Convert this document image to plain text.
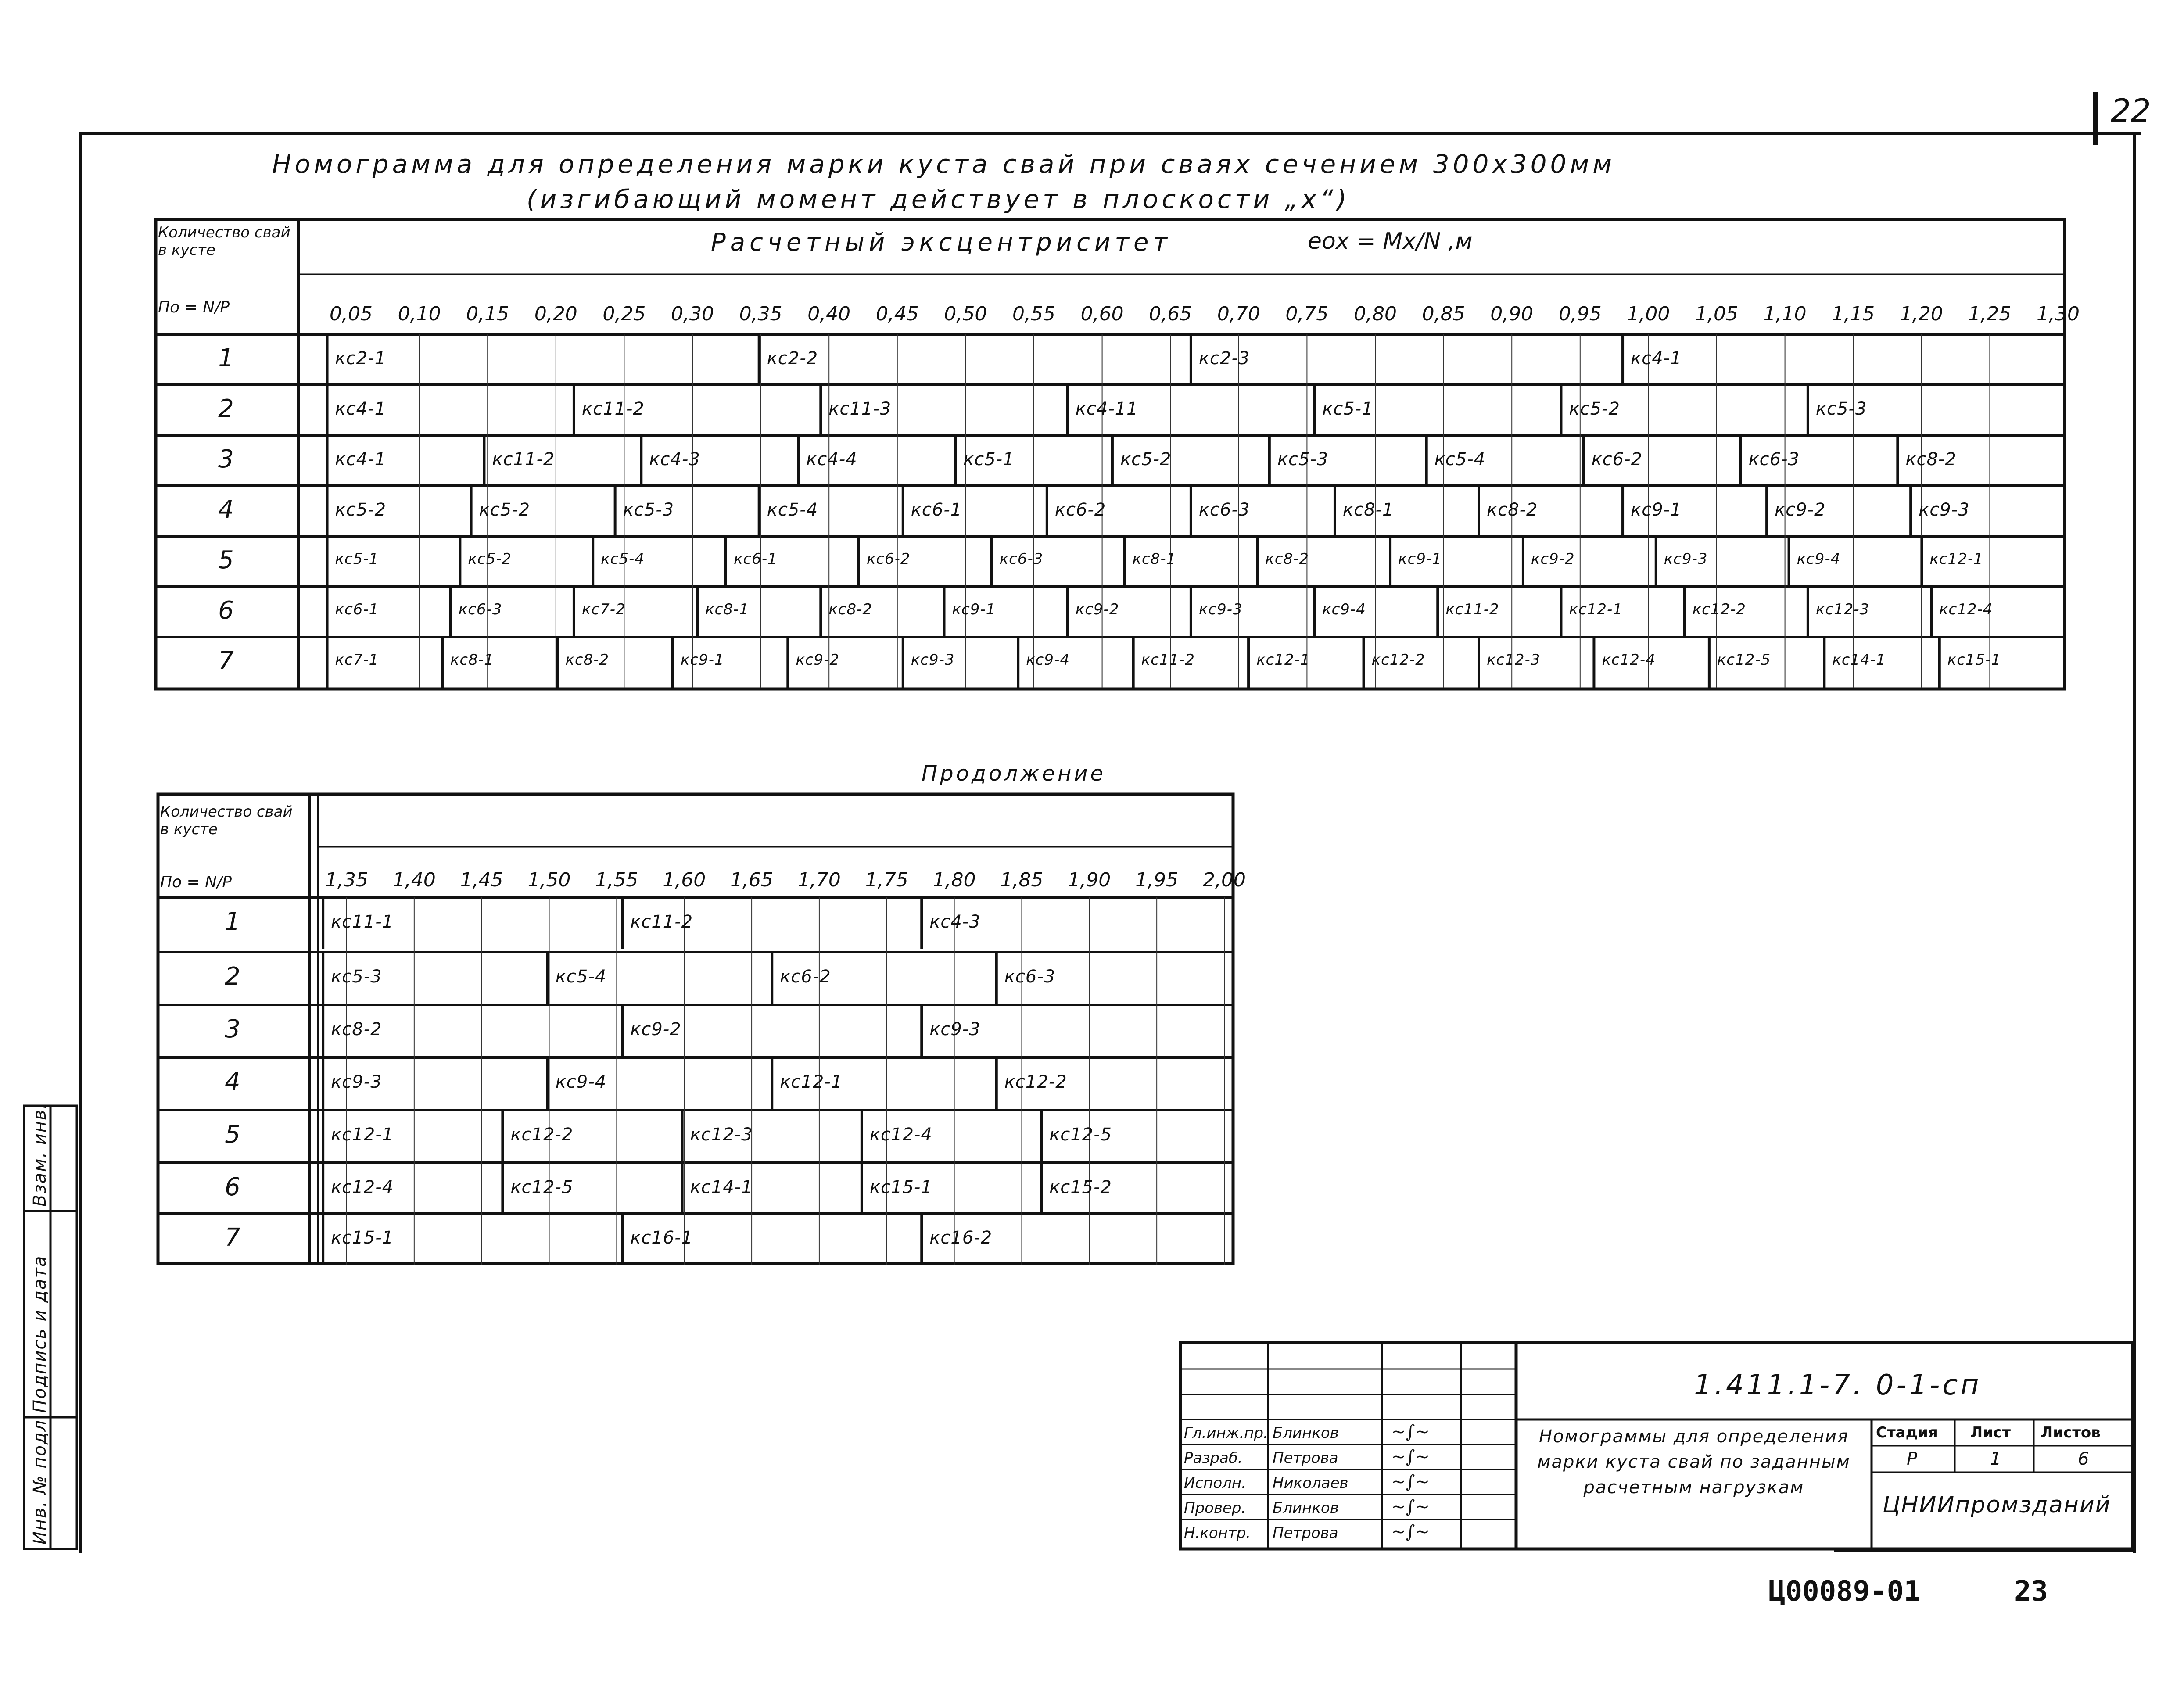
22
Номограмма для определения марки куста свай при сваях сечением 300х300мм
(изгибающий момент действует в плоскости „х“)
Количество свай в кусте
По = N/P
Расчетный эксцентриситет	еох = Мх/N ,м
0,05 0,10 0,15 0,20 0,25 0,30 0,35 0,40 0,45 0,50 0,55 0,60 0,65 0,70 0,75 0,80 0,85 0,90 0,95 1,00 1,05 1,10 1,15 1,20 1,25 1,30
1	кс2-1	кс2-2	кс2-3	кс4-1
2	кс4-1	кс11-2	кс11-3	кс4-11	кс5-1	кс5-2	кс5-3
3	кс4-1	кс11-2	кс4-3	кс4-4	кс5-1	кс5-2	кс5-3	кс5-4	кс6-2	кс6-3	кс8-2
4	кс5-2	кс5-2	кс5-3	кс5-4	кс6-1	кс6-2	кс6-3	кс8-1	кс8-2	кс9-1	кс9-2	кс9-3
5	кс5-1	кс5-2	кс5-4	кс6-1	кс6-2	кс6-3	кс8-1	кс8-2	кс9-1	кс9-2	кс9-3	кс9-4	кс12-1
6	кс6-1	кс6-3	кс7-2	кс8-1	кс8-2	кс9-1	кс9-2	кс9-3	кс9-4	кс11-2	кс12-1	кс12-2	кс12-3	кс12-4
7	кс7-1	кс8-1	кс8-2	кс9-1	кс9-2	кс9-3	кс9-4	кс11-2	кс12-1	кс12-2	кс12-3	кс12-4	кс12-5	кс14-1	кс15-1
Продолжение
Количество свай в кусте
По = N/P	1,35 1,40 1,45 1,50 1,55 1,60 1,65 1,70 1,75 1,80 1,85 1,90 1,95 2,00
1	кс11-1	кс11-2	кс4-3
2	кс5-3	кс5-4	кс6-2	кс6-3
3	кс8-2	кс9-2	кс9-3
4	кс9-3	кс9-4	кс12-1	кс12-2
5	кс12-1	кс12-2	кс12-3	кс12-4	кс12-5
6	кс12-4	кс12-5	кс14-1	кс15-1	кс15-2
7	кс15-1	кс16-1	кс16-2
Инв. № подл.
Подпись и дата
Взам. инв.
1.411.1-7. 0-1-сп
Гл.инж.пр. Блинков	~∫~
Разраб. Петрова	~∫~
Исполн. Николаев ~∫~
Провер. Блинков	~∫~
Н.контр. Петрова	~∫~
Номограммы для определения марки куста свай по заданным расчетным нагрузкам
Стадия Лист Листов
Р	1	6
ЦНИИпромзданий
Ц00089-01	23
